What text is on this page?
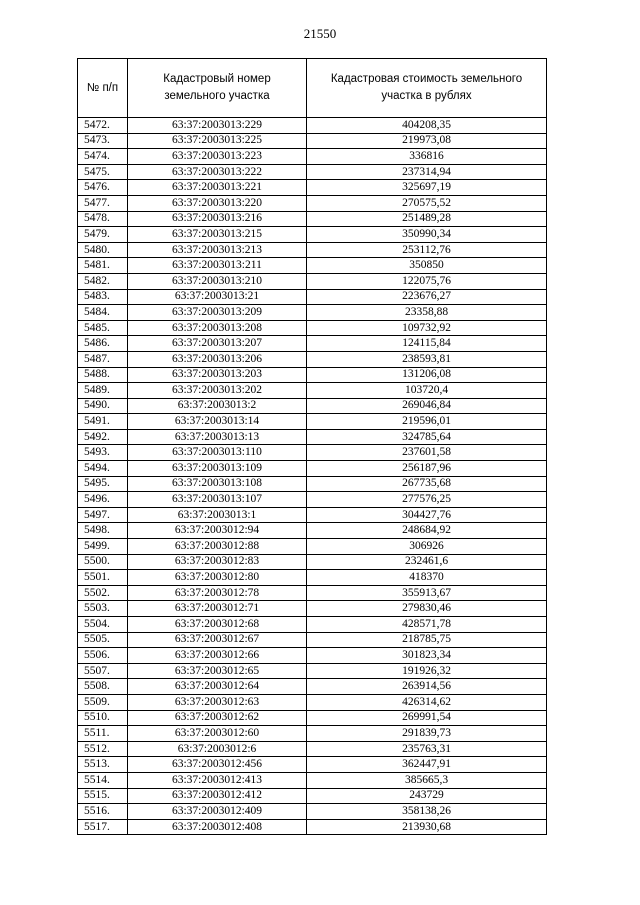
21550
№ п/п	Кадастровый номер земельного участка	Кадастровая стоимость земельного участка в рублях
5472.	63:37:2003013:229	404208,35
5473.	63:37:2003013:225	219973,08
5474.	63:37:2003013:223	336816
5475.	63:37:2003013:222	237314,94
5476.	63:37:2003013:221	325697,19
5477.	63:37:2003013:220	270575,52
5478.	63:37:2003013:216	251489,28
5479.	63:37:2003013:215	350990,34
5480.	63:37:2003013:213	253112,76
5481.	63:37:2003013:211	350850
5482.	63:37:2003013:210	122075,76
5483.	63:37:2003013:21	223676,27
5484.	63:37:2003013:209	23358,88
5485.	63:37:2003013:208	109732,92
5486.	63:37:2003013:207	124115,84
5487.	63:37:2003013:206	238593,81
5488.	63:37:2003013:203	131206,08
5489.	63:37:2003013:202	103720,4
5490.	63:37:2003013:2	269046,84
5491.	63:37:2003013:14	219596,01
5492.	63:37:2003013:13	324785,64
5493.	63:37:2003013:110	237601,58
5494.	63:37:2003013:109	256187,96
5495.	63:37:2003013:108	267735,68
5496.	63:37:2003013:107	277576,25
5497.	63:37:2003013:1	304427,76
5498.	63:37:2003012:94	248684,92
5499.	63:37:2003012:88	306926
5500.	63:37:2003012:83	232461,6
5501.	63:37:2003012:80	418370
5502.	63:37:2003012:78	355913,67
5503.	63:37:2003012:71	279830,46
5504.	63:37:2003012:68	428571,78
5505.	63:37:2003012:67	218785,75
5506.	63:37:2003012:66	301823,34
5507.	63:37:2003012:65	191926,32
5508.	63:37:2003012:64	263914,56
5509.	63:37:2003012:63	426314,62
5510.	63:37:2003012:62	269991,54
5511.	63:37:2003012:60	291839,73
5512.	63:37:2003012:6	235763,31
5513.	63:37:2003012:456	362447,91
5514.	63:37:2003012:413	385665,3
5515.	63:37:2003012:412	243729
5516.	63:37:2003012:409	358138,26
5517.	63:37:2003012:408	213930,68
